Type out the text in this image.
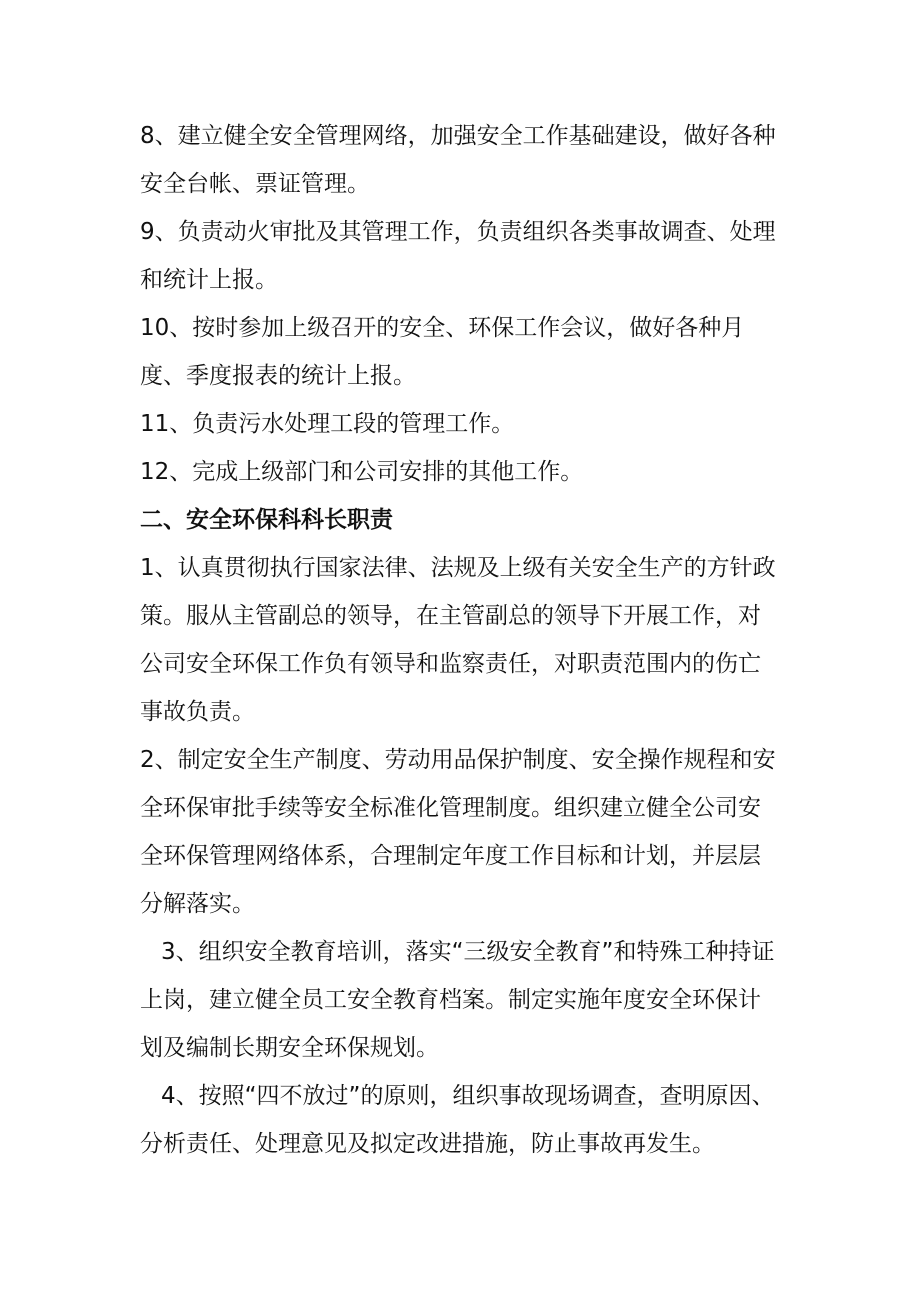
8、建立健全安全管理网络，加强安全工作基础建设，做好各种安全台帐、票证管理。

9、负责动火审批及其管理工作，负责组织各类事故调查、处理和统计上报。

10、按时参加上级召开的安全、环保工作会议，做好各种月度、季度报表的统计上报。

11、负责污水处理工段的管理工作。

12、完成上级部门和公司安排的其他工作。

二、安全环保科科长职责

1、认真贯彻执行国家法律、法规及上级有关安全生产的方针政策。服从主管副总的领导，在主管副总的领导下开展工作，对公司安全环保工作负有领导和监察责任，对职责范围内的伤亡事故负责。

2、制定安全生产制度、劳动用品保护制度、安全操作规程和安全环保审批手续等安全标准化管理制度。组织建立健全公司安全环保管理网络体系，合理制定年度工作目标和计划，并层层分解落实。

3、组织安全教育培训，落实“三级安全教育”和特殊工种持证上岗，建立健全员工安全教育档案。制定实施年度安全环保计划及编制长期安全环保规划。

4、按照“四不放过”的原则，组织事故现场调查，查明原因、分析责任、处理意见及拟定改进措施，防止事故再发生。
